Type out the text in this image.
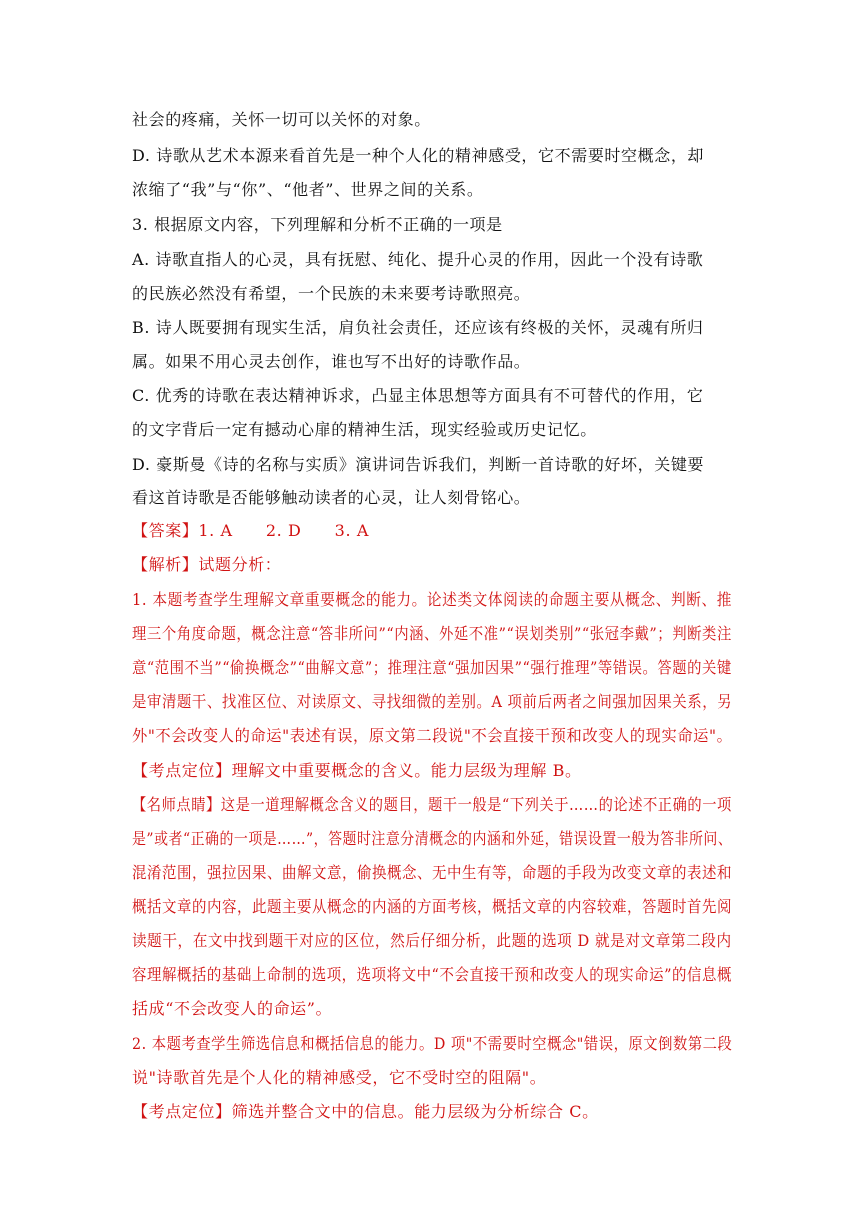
社会的疼痛，关怀一切可以关怀的对象。
D. 诗歌从艺术本源来看首先是一种个人化的精神感受，它不需要时空概念，却
浓缩了“我”与“你”、“他者”、世界之间的关系。
3. 根据原文内容，下列理解和分析不正确的一项是
A. 诗歌直指人的心灵，具有抚慰、纯化、提升心灵的作用，因此一个没有诗歌
的民族必然没有希望，一个民族的未来要考诗歌照亮。
B. 诗人既要拥有现实生活，肩负社会责任，还应该有终极的关怀，灵魂有所归
属。如果不用心灵去创作，谁也写不出好的诗歌作品。
C. 优秀的诗歌在表达精神诉求，凸显主体思想等方面具有不可替代的作用，它
的文字背后一定有撼动心扉的精神生活，现实经验或历史记忆。
D. 豪斯曼《诗的名称与实质》演讲词告诉我们，判断一首诗歌的好坏，关键要
看这首诗歌是否能够触动读者的心灵，让人刻骨铭心。
【答案】1. A　　2. D　　3. A
【解析】试题分析：
1. 本题考查学生理解文章重要概念的能力。论述类文体阅读的命题主要从概念、判断、推
理三个角度命题，概念注意“答非所问”“内涵、外延不准”“误划类别”“张冠李戴”；判断类注
意“范围不当”“偷换概念”“曲解文意”；推理注意“强加因果”“强行推理”等错误。答题的关键
是审清题干、找准区位、对读原文、寻找细微的差别。A 项前后两者之间强加因果关系，另
外"不会改变人的命运"表述有误，原文第二段说"不会直接干预和改变人的现实命运"。
【考点定位】理解文中重要概念的含义。能力层级为理解 B。
【名师点睛】这是一道理解概念含义的题目，题干一般是“下列关于……的论述不正确的一项
是”或者“正确的一项是……”，答题时注意分清概念的内涵和外延，错误设置一般为答非所问、
混淆范围，强拉因果、曲解文意，偷换概念、无中生有等，命题的手段为改变文章的表述和
概括文章的内容，此题主要从概念的内涵的方面考核，概括文章的内容较难，答题时首先阅
读题干，在文中找到题干对应的区位，然后仔细分析，此题的选项 D 就是对文章第二段内
容理解概括的基础上命制的选项，选项将文中“不会直接干预和改变人的现实命运”的信息概
括成“不会改变人的命运”。
2. 本题考查学生筛选信息和概括信息的能力。D 项"不需要时空概念"错误，原文倒数第二段
说"诗歌首先是个人化的精神感受，它不受时空的阻隔"。
【考点定位】筛选并整合文中的信息。能力层级为分析综合 C。
